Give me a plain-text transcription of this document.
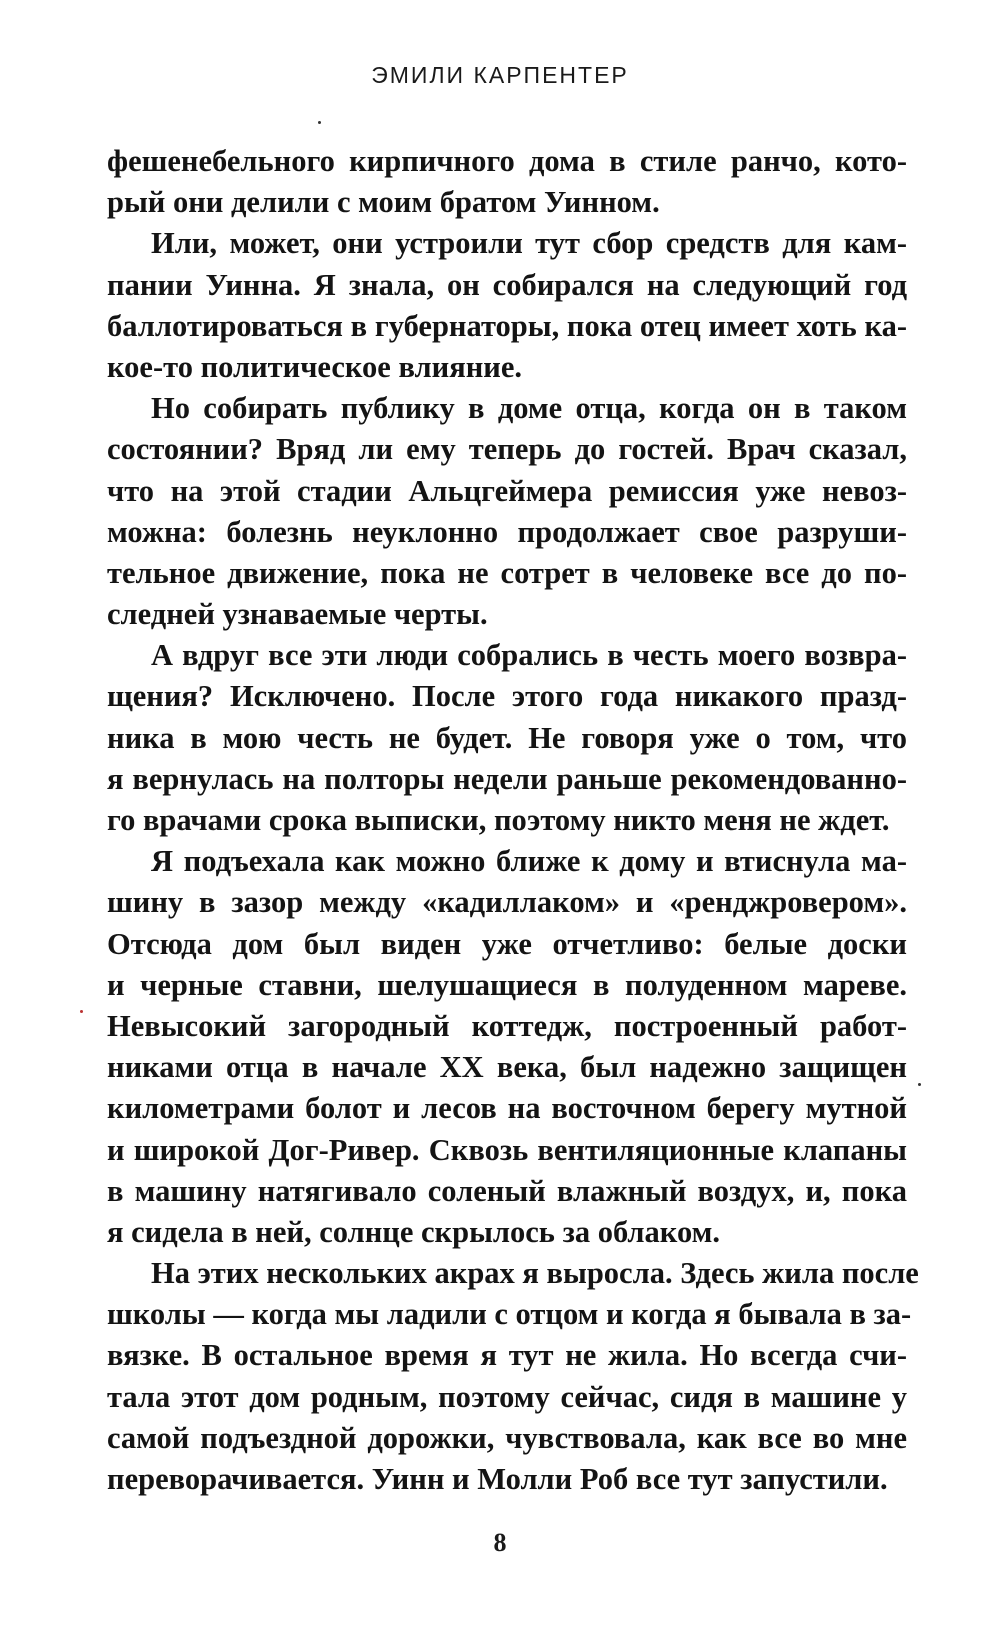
ЭМИЛИ КАРПЕНТЕР
фешенебельного кирпичного дома в стиле ранчо, кото-
рый они делили с моим братом Уинном.
Или, может, они устроили тут сбор средств для кам-
пании Уинна. Я знала, он собирался на следующий год
баллотироваться в губернаторы, пока отец имеет хоть ка-
кое-то политическое влияние.
Но собирать публику в доме отца, когда он в таком
состоянии? Вряд ли ему теперь до гостей. Врач сказал,
что на этой стадии Альцгеймера ремиссия уже невоз-
можна: болезнь неуклонно продолжает свое разруши-
тельное движение, пока не сотрет в человеке все до по-
следней узнаваемые черты.
А вдруг все эти люди собрались в честь моего возвра-
щения? Исключено. После этого года никакого празд-
ника в мою честь не будет. Не говоря уже о том, что
я вернулась на полторы недели раньше рекомендованно-
го врачами срока выписки, поэтому никто меня не ждет.
Я подъехала как можно ближе к дому и втиснула ма-
шину в зазор между «кадиллаком» и «ренджровером».
Отсюда дом был виден уже отчетливо: белые доски
и черные ставни, шелушащиеся в полуденном мареве.
Невысокий загородный коттедж, построенный работ-
никами отца в начале XX века, был надежно защищен
километрами болот и лесов на восточном берегу мутной
и широкой Дог-Ривер. Сквозь вентиляционные клапаны
в машину натягивало соленый влажный воздух, и, пока
я сидела в ней, солнце скрылось за облаком.
На этих нескольких акрах я выросла. Здесь жила после
школы — когда мы ладили с отцом и когда я бывала в за-
вязке. В остальное время я тут не жила. Но всегда счи-
тала этот дом родным, поэтому сейчас, сидя в машине у
самой подъездной дорожки, чувствовала, как все во мне
переворачивается. Уинн и Молли Роб все тут запустили.
8
